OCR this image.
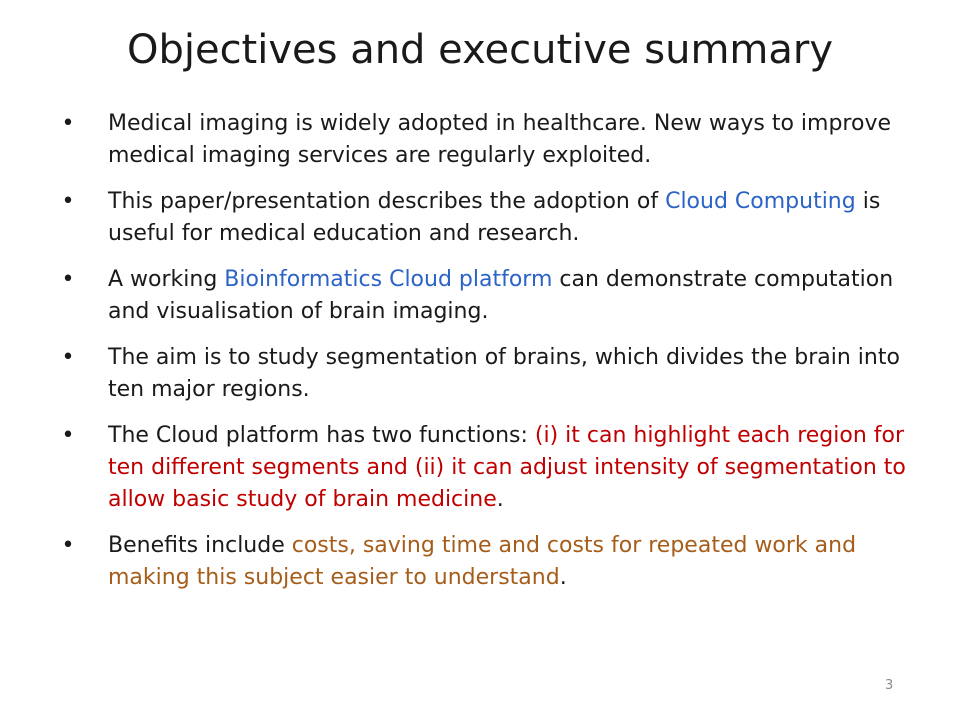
Objectives and executive summary
• Medical imaging is widely adopted in healthcare. New ways to improve medical imaging services are regularly exploited.
• This paper/presentation describes the adoption of Cloud Computing is useful for medical education and research.
• A working Bioinformatics Cloud platform can demonstrate computation and visualisation of brain imaging.
• The aim is to study segmentation of brains, which divides the brain into ten major regions.
• The Cloud platform has two functions: (i) it can highlight each region for ten different segments and (ii) it can adjust intensity of segmentation to allow basic study of brain medicine.
• Benefits include costs, saving time and costs for repeated work and making this subject easier to understand.
3
